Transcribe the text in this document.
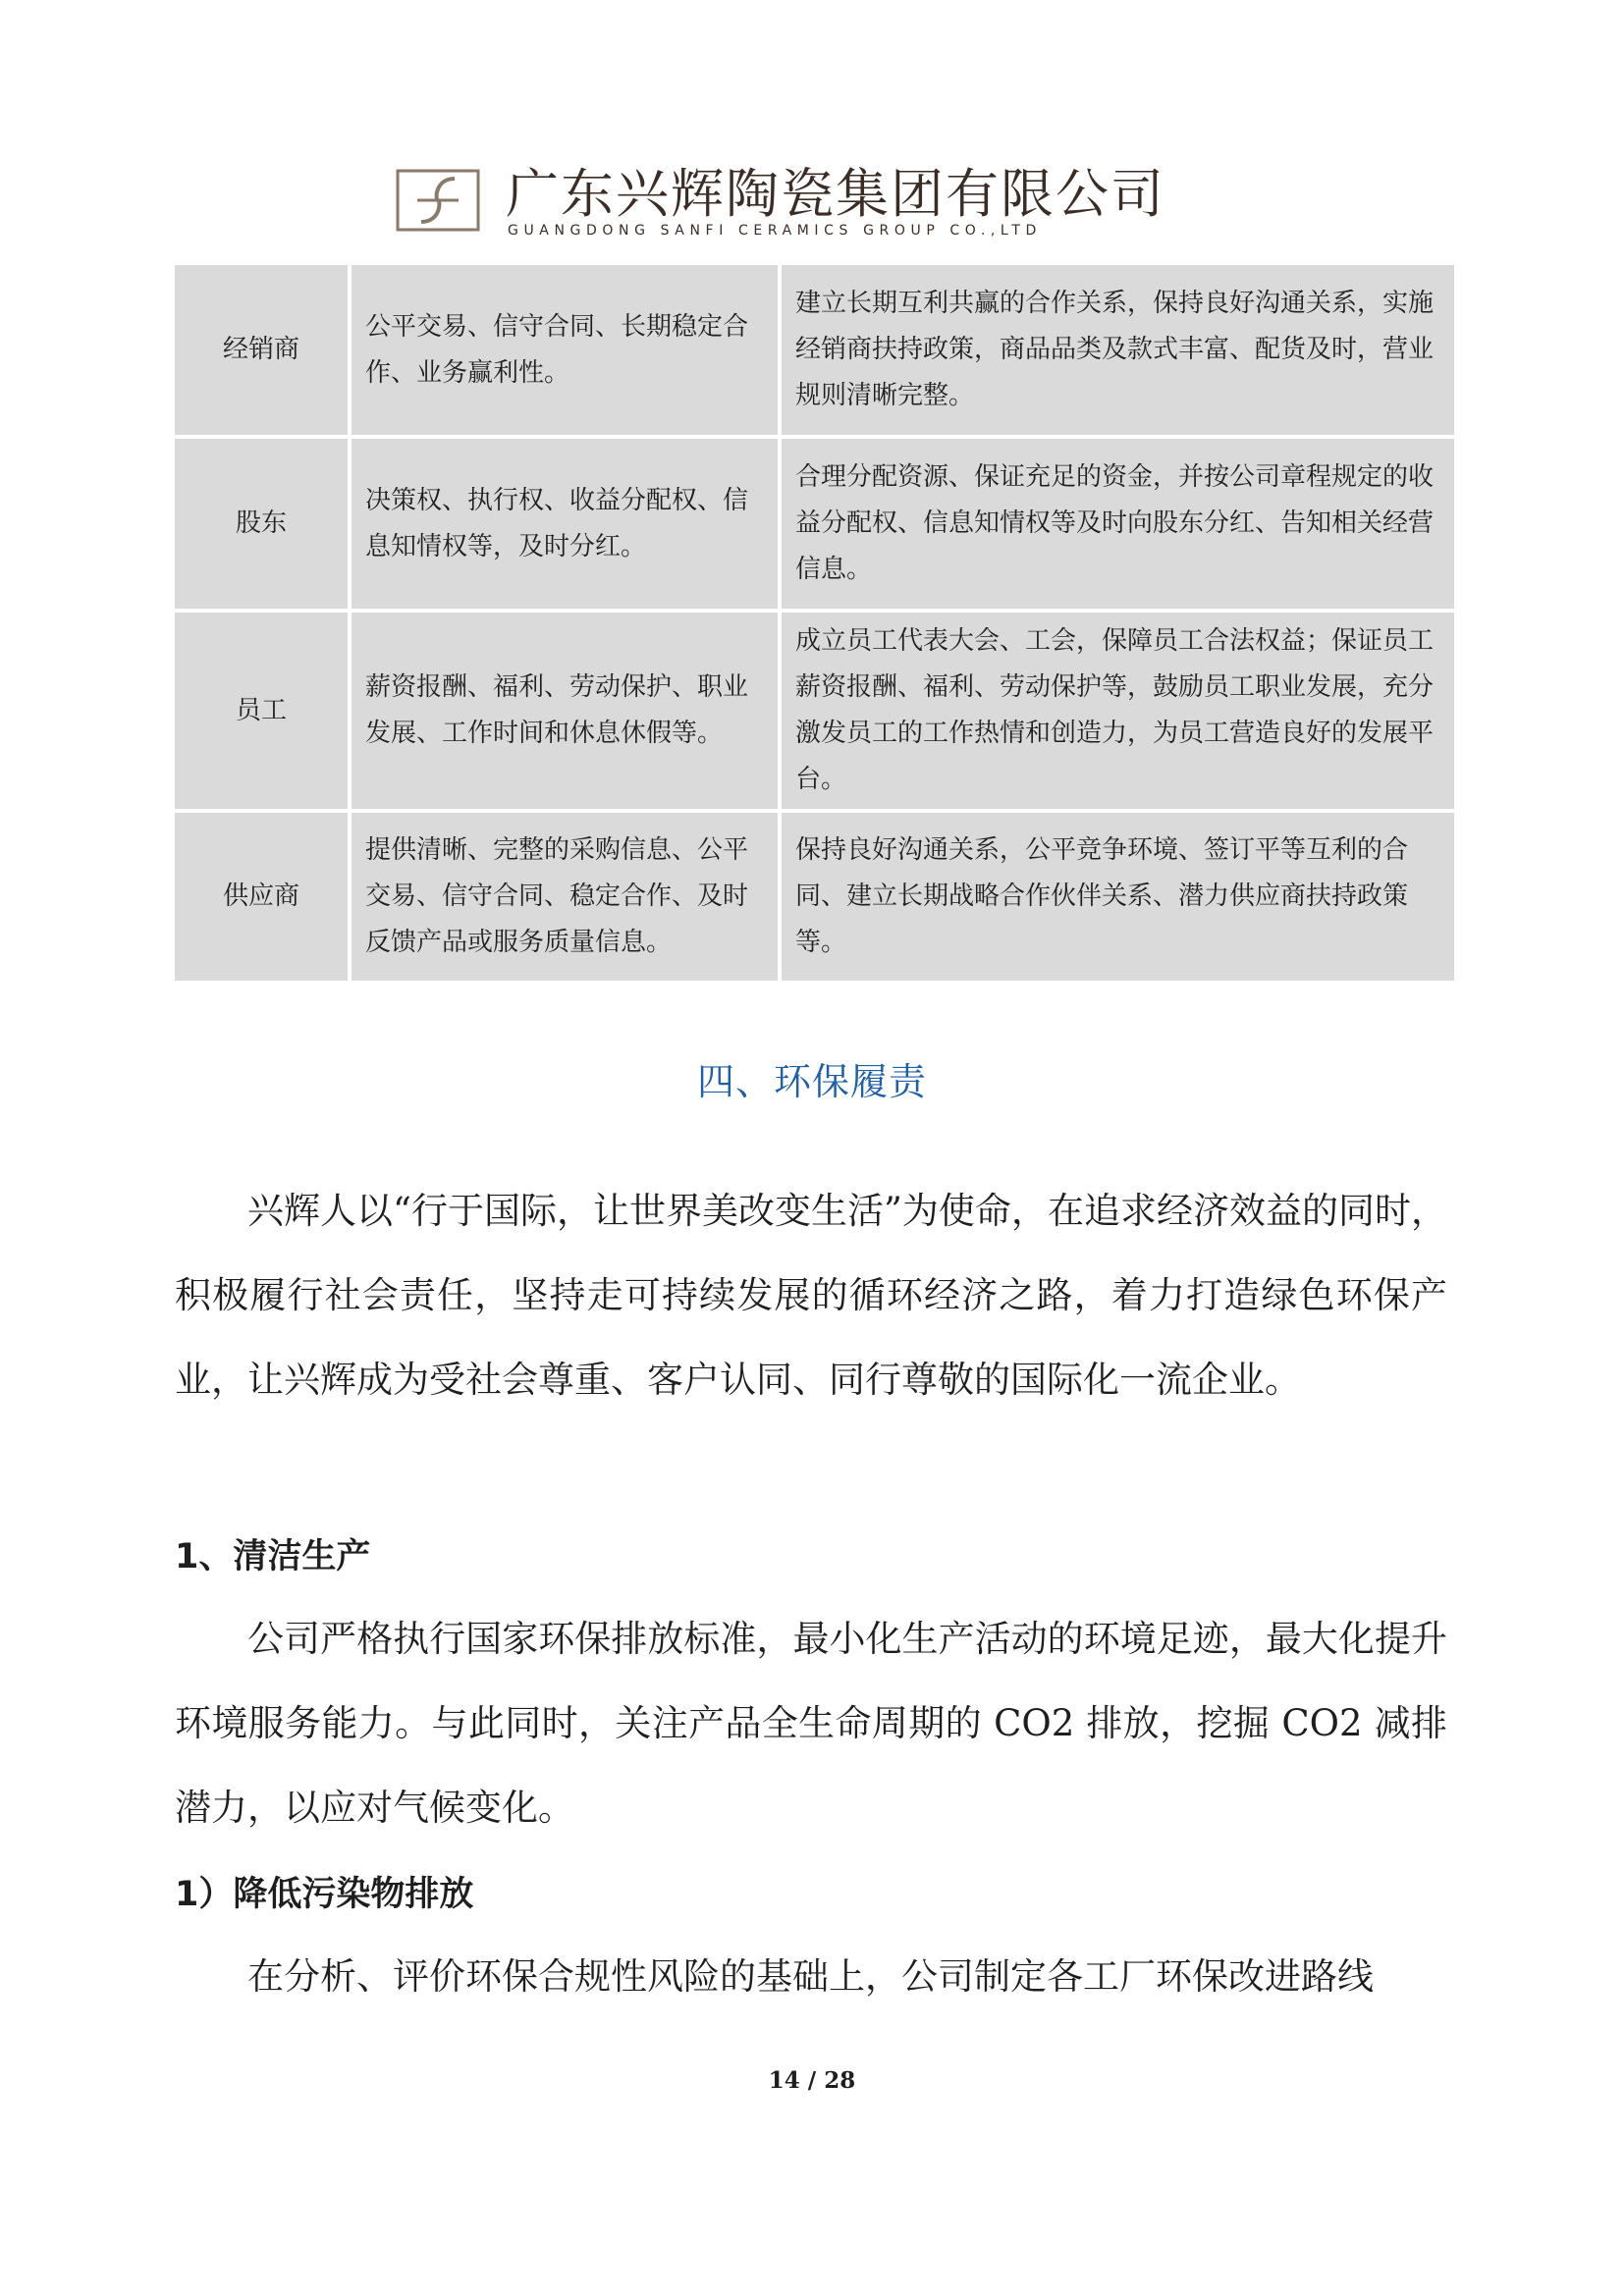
广东兴辉陶瓷集团有限公司
GUANGDONG SANFI CERAMICS GROUP CO.,LTD
经销商	公平交易、信守合同、长期稳定合作、业务赢利性。	建立长期互利共赢的合作关系，保持良好沟通关系，实施经销商扶持政策，商品品类及款式丰富、配货及时，营业规则清晰完整。
股东	决策权、执行权、收益分配权、信息知情权等，及时分红。	合理分配资源、保证充足的资金，并按公司章程规定的收益分配权、信息知情权等及时向股东分红、告知相关经营信息。
员工	薪资报酬、福利、劳动保护、职业发展、工作时间和休息休假等。	成立员工代表大会、工会，保障员工合法权益；保证员工薪资报酬、福利、劳动保护等，鼓励员工职业发展，充分激发员工的工作热情和创造力，为员工营造良好的发展平台。
供应商	提供清晰、完整的采购信息、公平交易、信守合同、稳定合作、及时反馈产品或服务质量信息。	保持良好沟通关系，公平竞争环境、签订平等互利的合同、建立长期战略合作伙伴关系、潜力供应商扶持政策等。
四、环保履责
兴辉人以“行于国际，让世界美改变生活”为使命，在追求经济效益的同时，积极履行社会责任，坚持走可持续发展的循环经济之路，着力打造绿色环保产业，让兴辉成为受社会尊重、客户认同、同行尊敬的国际化一流企业。
1、清洁生产
公司严格执行国家环保排放标准，最小化生产活动的环境足迹，最大化提升环境服务能力。与此同时，关注产品全生命周期的 CO2 排放，挖掘 CO2 减排潜力，以应对气候变化。
1）降低污染物排放
在分析、评价环保合规性风险的基础上，公司制定各工厂环保改进路线
14 / 28
